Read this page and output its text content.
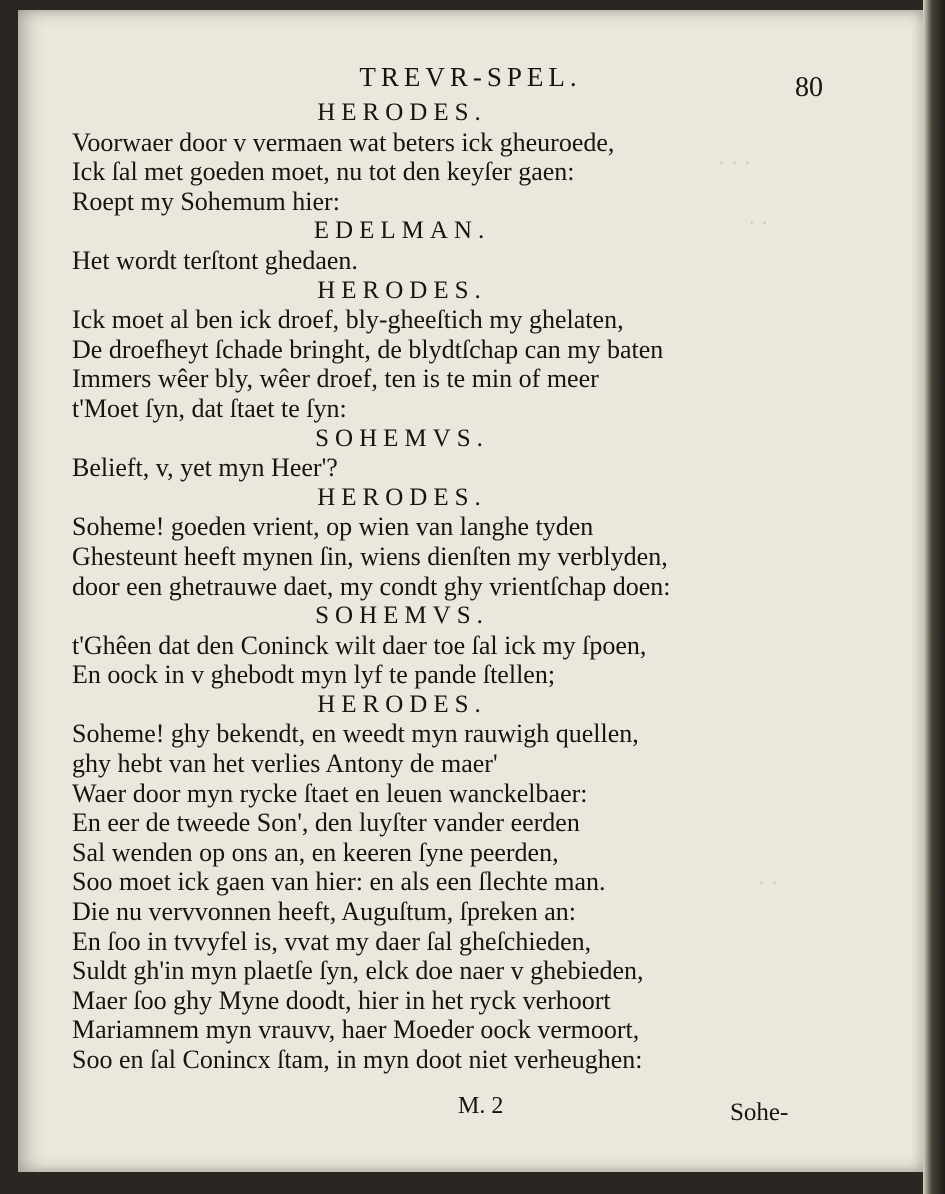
· · ·
· ·
· ·
TREVR-SPEL.	80
HERODES.
Voorwaer door v vermaen wat beters ick gheuroede,
Ick ſal met goeden moet, nu tot den keyſer gaen:
Roept my Sohemum hier:
EDELMAN.
Het wordt terſtont ghedaen.
HERODES.
Ick moet al ben ick droef, bly-gheeſtich my ghelaten,
De droefheyt ſchade bringht, de blydtſchap can my baten
Immers wêer bly, wêer droef, ten is te min of meer
t'Moet ſyn, dat ſtaet te ſyn:
SOHEMVS.
Belieft, v, yet myn Heer'?
HERODES.
Soheme! goeden vrient, op wien van langhe tyden
Ghesteunt heeft mynen ſin, wiens dienſten my verblyden,
door een ghetrauwe daet, my condt ghy vrientſchap doen:
SOHEMVS.
t'Ghêen dat den Coninck wilt daer toe ſal ick my ſpoen,
En oock in v ghebodt myn lyf te pande ſtellen;
HERODES.
Soheme! ghy bekendt, en weedt myn rauwigh quellen,
ghy hebt van het verlies Antony de maer'
Waer door myn rycke ſtaet en leuen wanckelbaer:
En eer de tweede Son', den luyſter vander eerden
Sal wenden op ons an, en keeren ſyne peerden,
Soo moet ick gaen van hier: en als een ſlechte man.
Die nu vervvonnen heeft, Auguſtum, ſpreken an:
En ſoo in tvvyfel is, vvat my daer ſal gheſchieden,
Suldt gh'in myn plaetſe ſyn, elck doe naer v ghebieden,
Maer ſoo ghy Myne doodt, hier in het ryck verhoort
Mariamnem myn vrauvv, haer Moeder oock vermoort,
Soo en ſal Conincx ſtam, in myn doot niet verheughen:
M. 2	Sohe-
